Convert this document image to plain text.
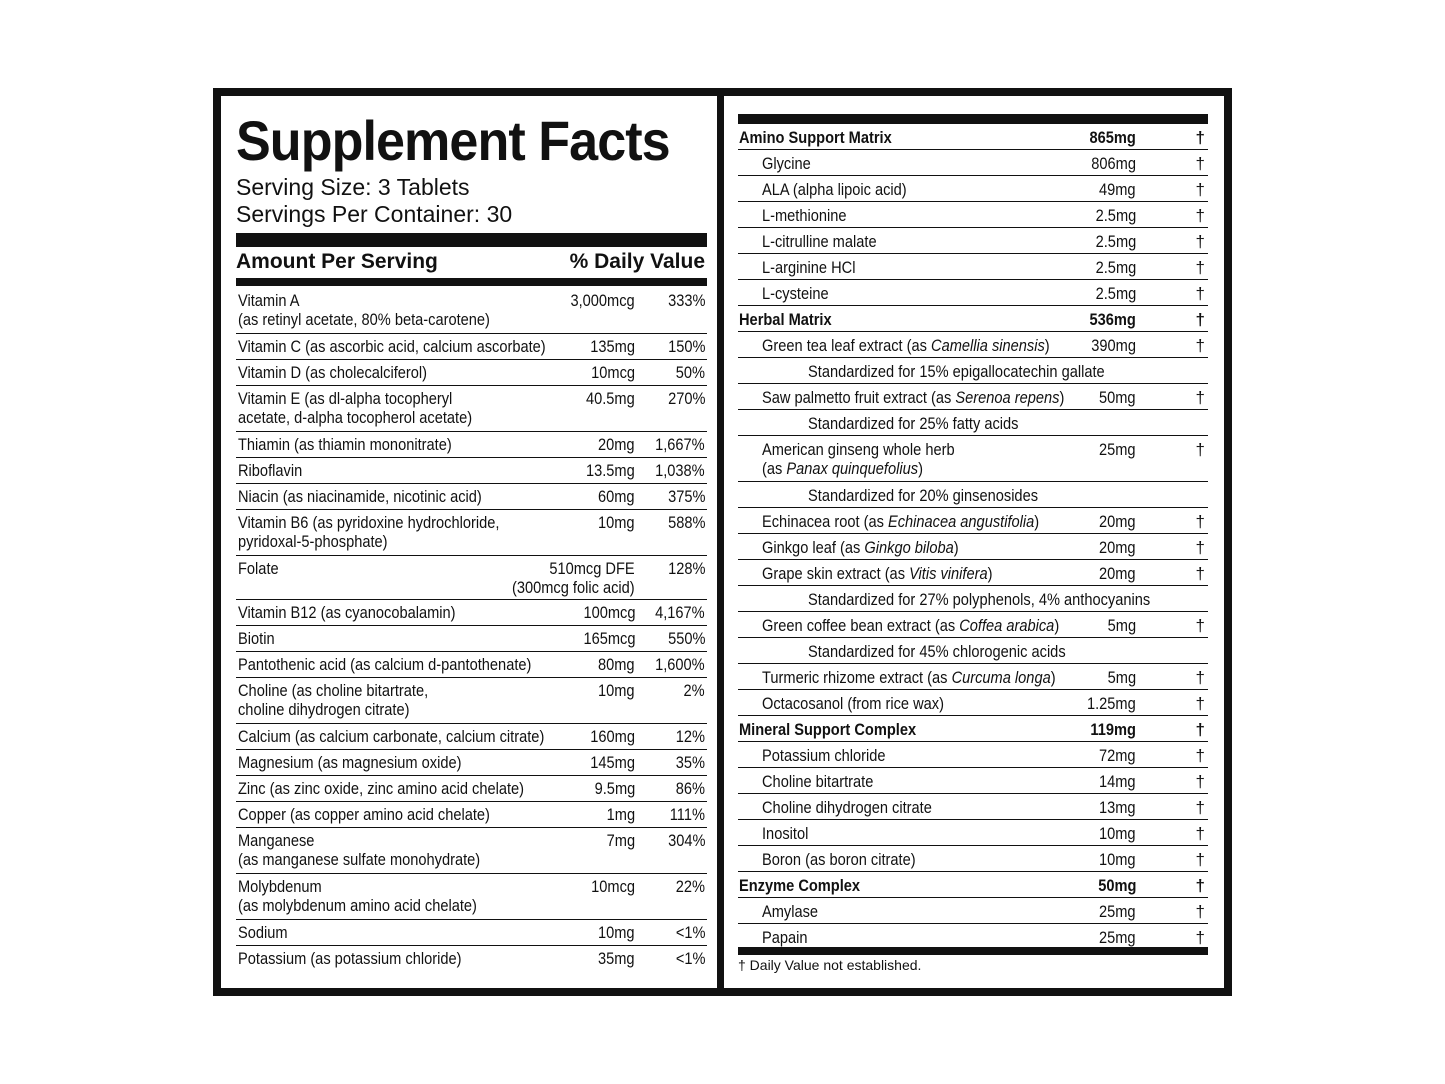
Supplement Facts
Serving Size: 3 Tablets
Servings Per Container: 30
Amount Per Serving	% Daily Value
Vitamin A
(as retinyl acetate, 80% beta-carotene)
3,000mcg 333%
Vitamin C (as ascorbic acid, calcium ascorbate)	135mg 150%
Vitamin D (as cholecalciferol)	10mcg 50%
Vitamin E (as dl-alpha tocopheryl
acetate, d-alpha tocopherol acetate)
40.5mg 270%
Thiamin (as thiamin mononitrate)	20mg 1,667%
Riboflavin	13.5mg 1,038%
Niacin (as niacinamide, nicotinic acid)	60mg 375%
Vitamin B6 (as pyridoxine hydrochloride,
pyridoxal-5-phosphate)
10mg 588%
Folate	510mcg DFE
(300mcg folic acid)
128%
Vitamin B12 (as cyanocobalamin)	100mcg 4,167%
Biotin	165mcg 550%
Pantothenic acid (as calcium d-pantothenate)	80mg 1,600%
Choline (as choline bitartrate,
choline dihydrogen citrate)
10mg	2%
Calcium (as calcium carbonate, calcium citrate)	160mg 12%
Magnesium (as magnesium oxide)	145mg 35%
Zinc (as zinc oxide, zinc amino acid chelate)	9.5mg 86%
Copper (as copper amino acid chelate)	1mg 111%
Manganese
(as manganese sulfate monohydrate)
7mg 304%
Molybdenum
(as molybdenum amino acid chelate)
10mcg 22%
Sodium	10mg <1%
Potassium (as potassium chloride)	35mg <1%
Amino Support Matrix	865mg	†
Glycine	806mg	†
ALA (alpha lipoic acid)	49mg	†
L-methionine	2.5mg	†
L-citrulline malate	2.5mg	†
L-arginine HCl	2.5mg	†
L-cysteine	2.5mg	†
Herbal Matrix	536mg	†
Green tea leaf extract (as Camellia sinensis) 390mg	†
Standardized for 15% epigallocatechin gallate
Saw palmetto fruit extract (as Serenoa repens) 50mg	†
Standardized for 25% fatty acids
American ginseng whole herb
(as Panax quinquefolius)
25mg	†
Standardized for 20% ginsenosides
Echinacea root (as Echinacea angustifolia)	20mg	†
Ginkgo leaf (as Ginkgo biloba)	20mg	†
Grape skin extract (as Vitis vinifera)	20mg	†
Standardized for 27% polyphenols, 4% anthocyanins
Green coffee bean extract (as Coffea arabica)	5mg	†
Standardized for 45% chlorogenic acids
Turmeric rhizome extract (as Curcuma longa)	5mg	†
Octacosanol (from rice wax)	1.25mg	†
Mineral Support Complex	119mg	†
Potassium chloride	72mg	†
Choline bitartrate	14mg	†
Choline dihydrogen citrate	13mg	†
Inositol	10mg	†
Boron (as boron citrate)	10mg	†
Enzyme Complex	50mg	†
Amylase	25mg	†
Papain	25mg	†
† Daily Value not established.
